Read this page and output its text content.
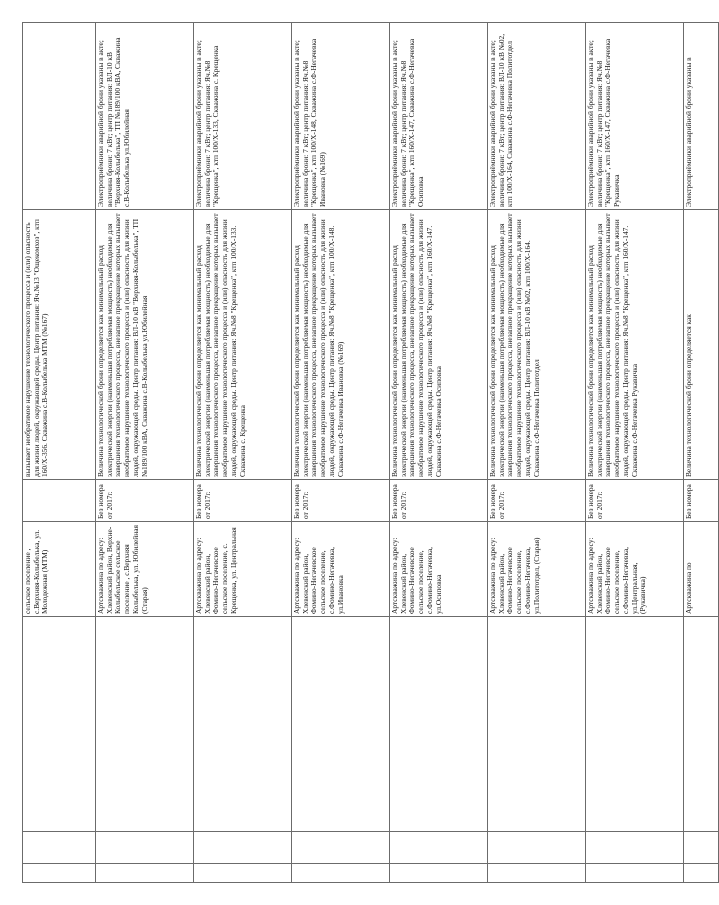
			сельское поселение , с.Верхняя-Колыбелька, ул. Молодежная (МТМ)		вызывает необратимое нарушение технологического процесса и (или) опасность для жизни людей, окружающей среды. Центр питания: Яч.№13 "Ощекомхоз", ктп 160/Х-356. Скважина с.В-Колыбелька МТМ (№167)	
			Артскважина по адресу: Хлевенский район, Верхне-Колыбельское сельское поселение , с.Верхняя Колыбелька, ул. Юбилейная (Старая)	Без номера от 2017г.	Величина технологической брони определяется как минимальный расход электрической энергии (наименьшая потребляемая мощность) необходимые для завершения технологического процесса, внезапное прекращение которых вызывает необратимое нарушение технологического процесса и (или) опасность для жизни людей, окружающей среды. Центр питания: ВЛ-10 кВ "Верхняя-Колыбелька", ТП №189/100 кВА, Скважина с.В-Колыбелька ул.Юбилейная	Электроприёмники аварийной брони указаны в акте; величина брони: 7 кВт; центр питания: ВЛ-10 кВ "Верхняя-Колыбелька", ТП №189/100 кВА, Скважина с.В-Колыбелька ул.Юбилейная
			Артскважина по адресу: Хлевенский район, Фомино-Негачевское сельское поселение, с. Крещенка, ул. Центральная	Без номера от 2017г.	Величина технологической брони определяется как минимальный расход электрической энергии (наименьшая потребляемая мощность) необходимые для завершения технологического процесса, внезапное прекращение которых вызывает необратимое нарушение технологического процесса и (или) опасность для жизни людей, окружающей среды. Центр питания: Яч.№8 "Крещенка", ктп 100/Х-133. Скважина с. Крещенка	Электроприёмники аварийной брони указаны в акте; величина брони: 7 кВт; центр питания: Яч.№8 "Крещенка", ктп 100/Х-133, Скважина с. Крещенка
			Артскважина по адресу: Хлевенский район, Фомино-Негачевское сельское поселение, с.Фомино-Негачевка, ул.Ивановка	Без номера от 2017г.	Величина технологической брони определяется как минимальный расход электрической энергии (наименьшая потребляемая мощность) необходимые для завершения технологического процесса, внезапное прекращение которых вызывает необратимое нарушение технологического процесса и (или) опасность для жизни людей, окружающей среды. Центр питания: Яч.№8 "Крещенка", ктп 100/Х-148. Скважина с.Ф-Негачевка Ивановка (№169)	Электроприёмники аварийной брони указаны в акте; величина брони: 7 кВт; центр питания: Яч.№8 "Крещенка", ктп 100/Х-148, Скважина с.Ф-Негачевка Ивановка (№169)
			Артскважина по адресу: Хлевенский район, Фомино-Негачевское сельское поселение, с.Фомино-Негачевка, ул.Осиповка	Без номера от 2017г.	Величина технологической брони определяется как минимальный расход электрической энергии (наименьшая потребляемая мощность) необходимые для завершения технологического процесса, внезапное прекращение которых вызывает необратимое нарушение технологического процесса и (или) опасность для жизни людей, окружающей среды. Центр питания: Яч.№8 "Крещенка", ктп 160/Х-147. Скважина с.Ф-Негачевка Осиповка	Электроприёмники аварийной брони указаны в акте; величина брони: 7 кВт; центр питания: Яч.№8 "Крещенка", ктп 160/Х-147, Скважина с.Ф-Негачевка Осиповка
			Артскважина по адресу: Хлевенский район, Фомино-Негачевское сельское поселение, с.Фомино-Негачевка, ул.Политотдел, (Старая)	Без номера от 2017г.	Величина технологической брони определяется как минимальный расход электрической энергии (наименьшая потребляемая мощность) необходимые для завершения технологического процесса, внезапное прекращение которых вызывает необратимое нарушение технологического процесса и (или) опасность для жизни людей, окружающей среды. Центр питания: ВЛ-10 кВ №02, ктп 100/Х-164. Скважина с.Ф-Негачевка Политотдел	Электроприёмники аварийной брони указаны в акте; величина брони: 7 кВт; центр питания: ВЛ-10 кВ №02, ктп 100/Х-164, Скважина с.Ф-Негачевка Политотдел
			Артскважина по адресу: Хлевенский район, Фомино-Негачевское сельское поселение, с.Фомино-Негачевка, ул.Центральная, (Рукавичка)	Без номера от 2017г.	Величина технологической брони определяется как минимальный расход электрической энергии (наименьшая потребляемая мощность) необходимые для завершения технологического процесса, внезапное прекращение которых вызывает необратимое нарушение технологического процесса и (или) опасность для жизни людей, окружающей среды. Центр питания: Яч.№8 "Крещенка", ктп 160/Х-147. Скважина с.Ф-Негачевка Рукавичка	Электроприёмники аварийной брони указаны в акте; величина брони: 7 кВт; центр питания: Яч.№8 "Крещенка", ктп 160/Х-147, Скважина с.Ф-Негачевка Рукавичка
			Артскважина по	Без номера	Величина технологической брони определяется как	Электроприёмники аварийной брони указаны в
